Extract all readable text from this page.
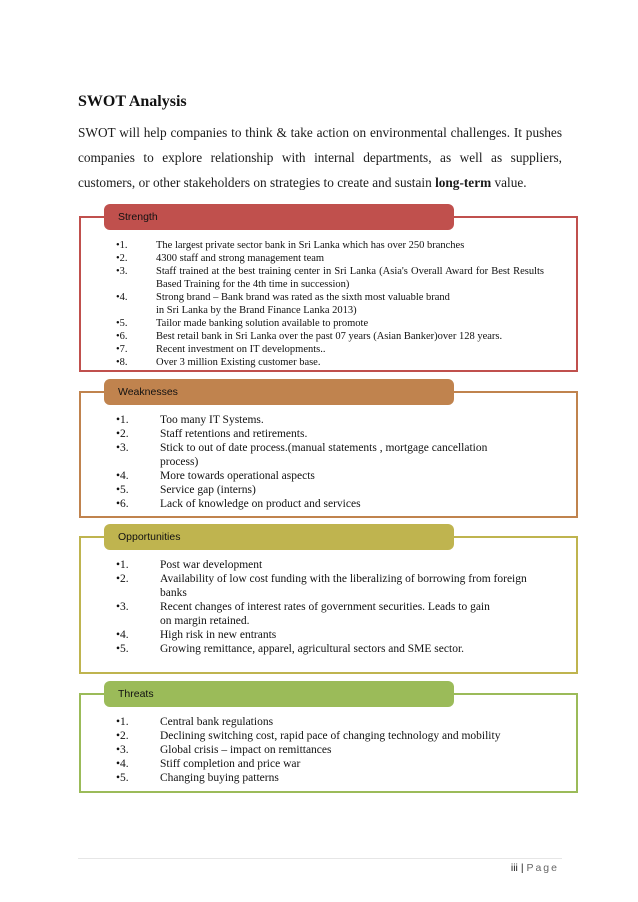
SWOT Analysis
SWOT will help companies to think & take action on environmental challenges. It pushes companies to explore relationship with internal departments, as well as suppliers, customers, or other stakeholders on strategies to create and sustain long-term value.
Strength
•1.	The largest private sector bank in Sri Lanka which has over 250 branches
•2.	4300 staff and strong management team
•3.	Staff trained at the best training center in Sri Lanka (Asia's Overall Award for Best Results Based Training for the 4th time in succession)
•4.	Strong brand – Bank brand was rated as the sixth most valuable brand in Sri Lanka by the Brand Finance Lanka 2013)
•5.	Tailor made banking solution available to promote
•6.	Best retail bank in Sri Lanka over the past 07 years (Asian Banker)over 128 years.
•7.	Recent investment on IT developments..
•8.	Over 3 million Existing customer base.
Weaknesses
•1.	Too many IT Systems.
•2.	Staff retentions and retirements.
•3.	Stick to out of date process.(manual statements , mortgage cancellation process)
•4.	More towards operational aspects
•5.	Service gap (interns)
•6.	Lack of knowledge on product and services
Opportunities
•1.	Post war development
•2.	Availability of low cost funding with the liberalizing of borrowing from foreign banks
•3.	Recent changes of interest rates of government securities. Leads to gain on margin retained.
•4.	High risk in new entrants
•5.	Growing remittance, apparel, agricultural sectors and SME sector.
Threats
•1.	Central bank regulations
•2.	Declining switching cost, rapid pace of changing technology and mobility
•3.	Global crisis – impact on remittances
•4.	Stiff completion and price war
•5.	Changing buying patterns
iii | Page
